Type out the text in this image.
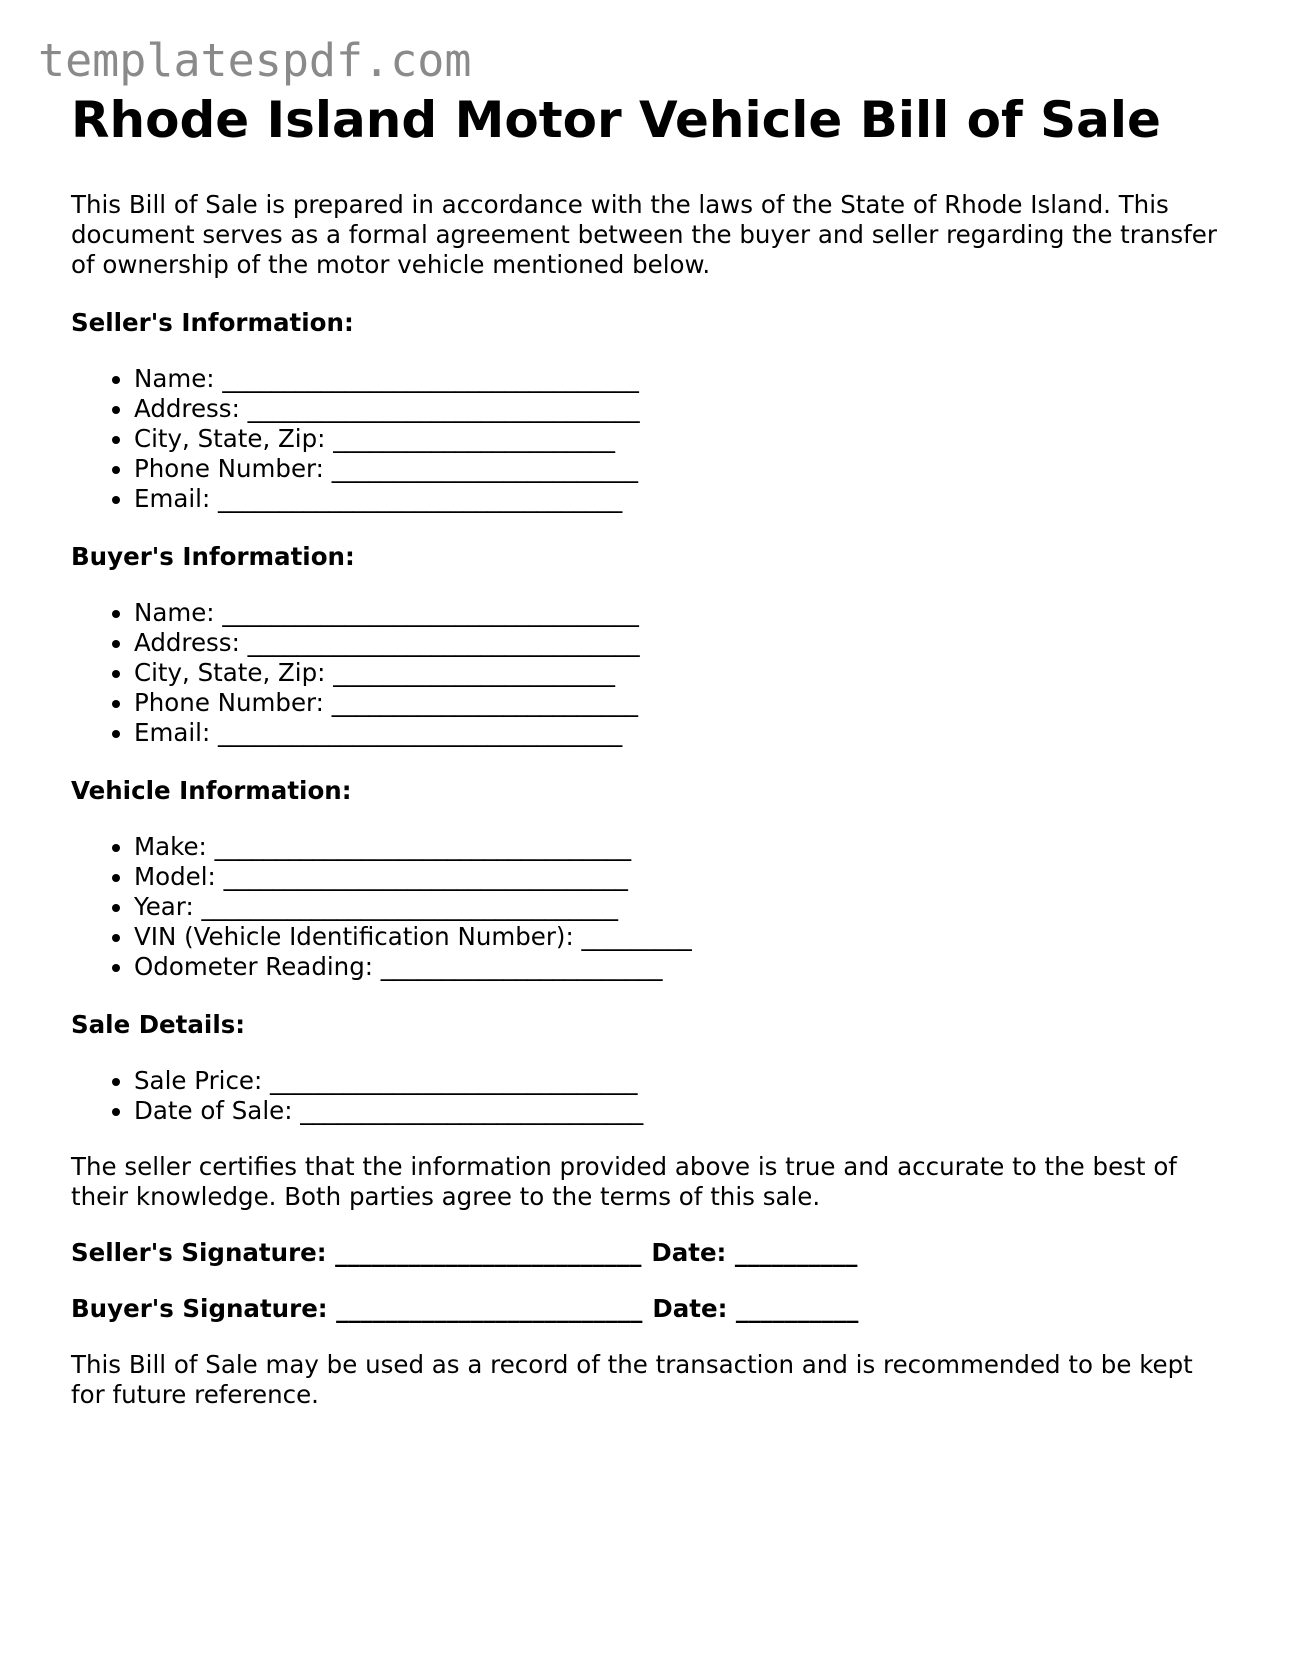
templatespdf.com
Rhode Island Motor Vehicle Bill of Sale

This Bill of Sale is prepared in accordance with the laws of the State of Rhode Island. This document serves as a formal agreement between the buyer and seller regarding the transfer of ownership of the motor vehicle mentioned below.

Seller's Information:
• Name: __________________________________
• Address: ________________________________
• City, State, Zip: _______________________
• Phone Number: _________________________
• Email: _________________________________
Buyer's Information:
• Name: __________________________________
• Address: ________________________________
• City, State, Zip: _______________________
• Phone Number: _________________________
• Email: _________________________________
Vehicle Information:
• Make: __________________________________
• Model: _________________________________
• Year: __________________________________
• VIN (Vehicle Identification Number): _________
• Odometer Reading: _______________________
Sale Details:
• Sale Price: ______________________________
• Date of Sale: ____________________________

The seller certifies that the information provided above is true and accurate to the best of their knowledge. Both parties agree to the terms of this sale.

Seller's Signature: _________________________ Date: __________
Buyer's Signature: _________________________ Date: __________

This Bill of Sale may be used as a record of the transaction and is recommended to be kept for future reference.
